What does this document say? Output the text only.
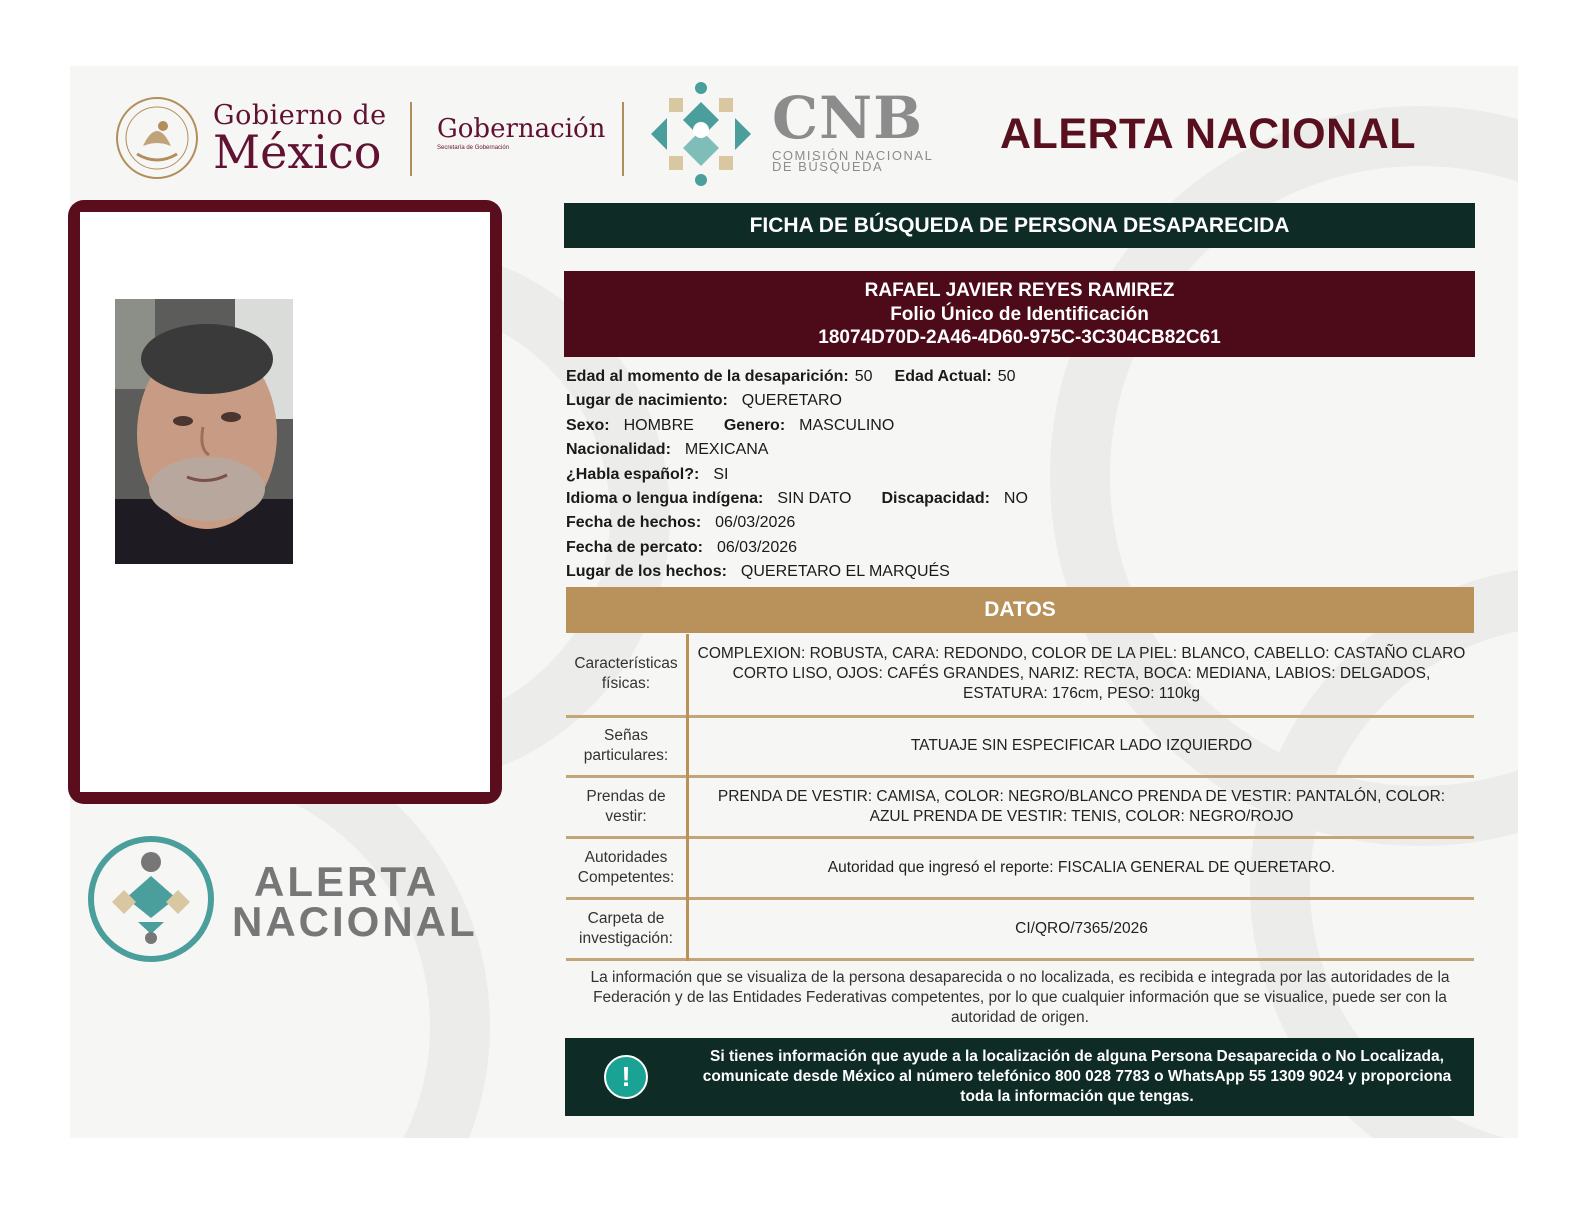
Gobierno de
México Gobernación
Secretaría de Gobernación	CNB
COMISIÓN NACIONAL
DE BÚSQUEDA
ALERTA NACIONAL
ALERTA
NACIONAL
FICHA DE BÚSQUEDA DE PERSONA DESAPARECIDA
RAFAEL JAVIER REYES RAMIREZ
Folio Único de Identificación
18074D70D-2A46-4D60-975C-3C304CB82C61
Edad al momento de la desaparición: 50 Edad Actual: 50
Lugar de nacimiento: QUERETARO
Sexo: HOMBRE Genero: MASCULINO
Nacionalidad: MEXICANA
¿Habla español?: SI
Idioma o lengua indígena: SIN DATO Discapacidad: NO
Fecha de hechos: 06/03/2026
Fecha de percato: 06/03/2026
Lugar de los hechos: QUERETARO EL MARQUÉS
DATOS
Características físicas:	COMPLEXION: ROBUSTA, CARA: REDONDO, COLOR DE LA PIEL: BLANCO, CABELLO: CASTAÑO CLARO CORTO LISO, OJOS: CAFÉS GRANDES, NARIZ: RECTA, BOCA: MEDIANA, LABIOS: DELGADOS, ESTATURA: 176cm, PESO: 110kg
Señas particulares:	TATUAJE SIN ESPECIFICAR LADO IZQUIERDO
Prendas de vestir:	PRENDA DE VESTIR: CAMISA, COLOR: NEGRO/BLANCO PRENDA DE VESTIR: PANTALÓN, COLOR: AZUL PRENDA DE VESTIR: TENIS, COLOR: NEGRO/ROJO
Autoridades Competentes:	Autoridad que ingresó el reporte: FISCALIA GENERAL DE QUERETARO.
Carpeta de investigación:	CI/QRO/7365/2026
La información que se visualiza de la persona desaparecida o no localizada, es recibida e integrada por las autoridades de la Federación y de las Entidades Federativas competentes, por lo que cualquier información que se visualice, puede ser con la autoridad de origen.
!
Si tienes información que ayude a la localización de alguna Persona Desaparecida o No Localizada, comunicate desde México al número telefónico 800 028 7783 o WhatsApp 55 1309 9024 y proporciona toda la información que tengas.
